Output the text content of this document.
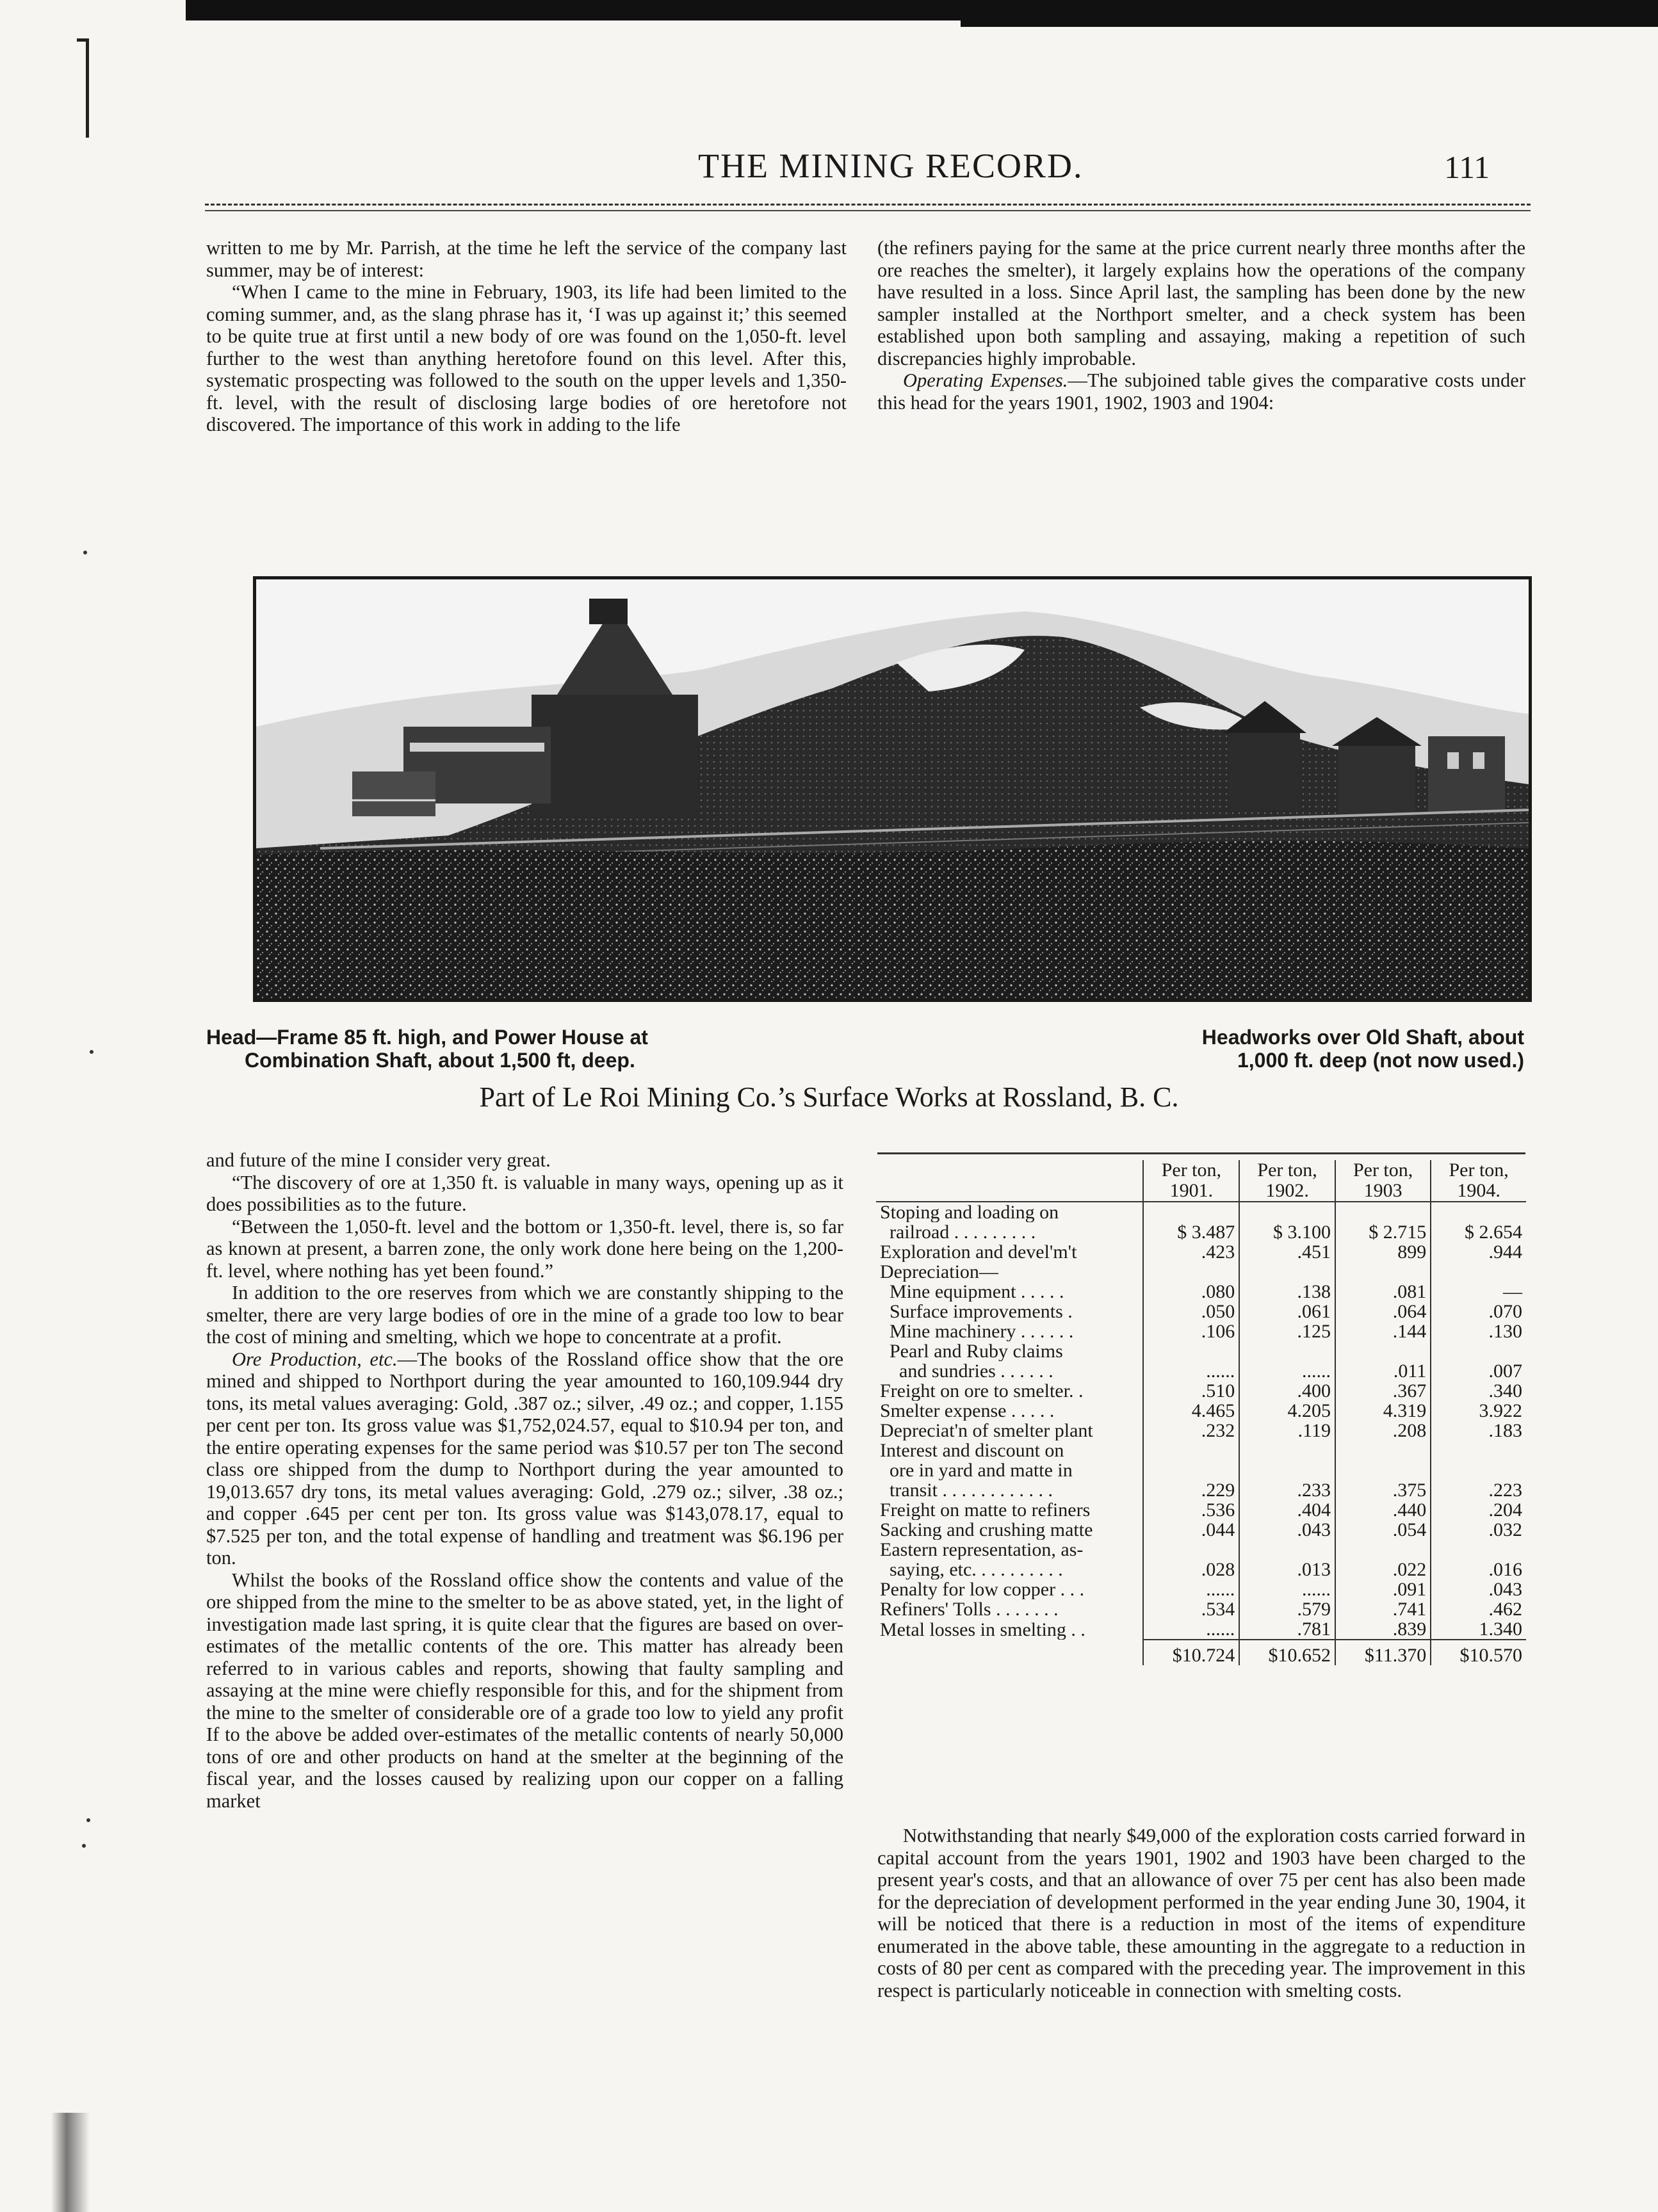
THE MINING RECORD.	111

written to me by Mr. Parrish, at the time he left the service of the company last summer, may be of interest:

“When I came to the mine in February, 1903, its life had been limited to the coming summer, and, as the slang phrase has it, ‘I was up against it;’ this seemed to be quite true at first until a new body of ore was found on the 1,050-ft. level further to the west than anything heretofore found on this level. After this, systematic prospecting was followed to the south on the upper levels and 1,350-ft. level, with the result of disclosing large bodies of ore heretofore not discovered. The importance of this work in adding to the life

(the refiners paying for the same at the price current nearly three months after the ore reaches the smelter), it largely explains how the operations of the company have resulted in a loss. Since April last, the sampling has been done by the new sampler installed at the Northport smelter, and a check system has been established upon both sampling and assaying, making a repetition of such discrepancies highly improbable.

Operating Expenses.—The subjoined table gives the comparative costs under this head for the years 1901, 1902, 1903 and 1904:

Head—Frame 85 ft. high, and Power House at
Combination Shaft, about 1,500 ft, deep.
Headworks over Old Shaft, about
1,000 ft. deep (not now used.)
Part of Le Roi Mining Co.’s Surface Works at Rossland, B. C.

and future of the mine I consider very great.

“The discovery of ore at 1,350 ft. is valuable in many ways, opening up as it does possibilities as to the future.

“Between the 1,050-ft. level and the bottom or 1,350-ft. level, there is, so far as known at present, a barren zone, the only work done here being on the 1,200-ft. level, where nothing has yet been found.”

In addition to the ore reserves from which we are constantly shipping to the smelter, there are very large bodies of ore in the mine of a grade too low to bear the cost of mining and smelting, which we hope to concentrate at a profit.

Ore Production, etc.—The books of the Rossland office show that the ore mined and shipped to Northport during the year amounted to 160,109.944 dry tons, its metal values averaging: Gold, .387 oz.; silver, .49 oz.; and copper, 1.155 per cent per ton. Its gross value was $1,752,024.57, equal to $10.94 per ton, and the entire operating expenses for the same period was $10.57 per ton The second class ore shipped from the dump to Northport during the year amounted to 19,013.657 dry tons, its metal values averaging: Gold, .279 oz.; silver, .38 oz.; and copper .645 per cent per ton. Its gross value was $143,078.17, equal to $7.525 per ton, and the total expense of handling and treatment was $6.196 per ton.

Whilst the books of the Rossland office show the contents and value of the ore shipped from the mine to the smelter to be as above stated, yet, in the light of investigation made last spring, it is quite clear that the figures are based on over-estimates of the metallic contents of the ore. This matter has already been referred to in various cables and reports, showing that faulty sampling and assaying at the mine were chiefly responsible for this, and for the shipment from the mine to the smelter of considerable ore of a grade too low to yield any profit If to the above be added over-estimates of the metallic contents of nearly 50,000 tons of ore and other products on hand at the smelter at the beginning of the fiscal year, and the losses caused by realizing upon our copper on a falling market

	Per ton,	Per ton,	Per ton,	Per ton,
	1901.	1902.	1903	1904.
Stoping and loading on				
railroad . . . . . . . . .	$ 3.487	$ 3.100	$ 2.715	$ 2.654
Exploration and devel'm't	.423	.451	899	.944
Depreciation—				
Mine equipment . . . . .	.080	.138	.081	—
Surface improvements .	.050	.061	.064	.070
Mine machinery . . . . . .	.106	.125	.144	.130
Pearl and Ruby claims				
and sundries . . . . . .	......	......	.011	.007
Freight on ore to smelter. .	.510	.400	.367	.340
Smelter expense . . . . .	4.465	4.205	4.319	3.922
Depreciat'n of smelter plant	.232	.119	.208	.183
Interest and discount on				
ore in yard and matte in				
transit . . . . . . . . . . . .	.229	.233	.375	.223
Freight on matte to refiners	.536	.404	.440	.204
Sacking and crushing matte	.044	.043	.054	.032
Eastern representation, as-				
saying, etc. . . . . . . . . .	.028	.013	.022	.016
Penalty for low copper . . .	......	......	.091	.043
Refiners' Tolls . . . . . . .	.534	.579	.741	.462
Metal losses in smelting . .	......	.781	.839	1.340
	$10.724	$10.652	$11.370	$10.570

Notwithstanding that nearly $49,000 of the exploration costs carried forward in capital account from the years 1901, 1902 and 1903 have been charged to the present year's costs, and that an allowance of over 75 per cent has also been made for the depreciation of development performed in the year ending June 30, 1904, it will be noticed that there is a reduction in most of the items of expenditure enumerated in the above table, these amounting in the aggregate to a reduction in costs of 80 per cent as compared with the preceding year. The improvement in this respect is particularly noticeable in connection with smelting costs.
